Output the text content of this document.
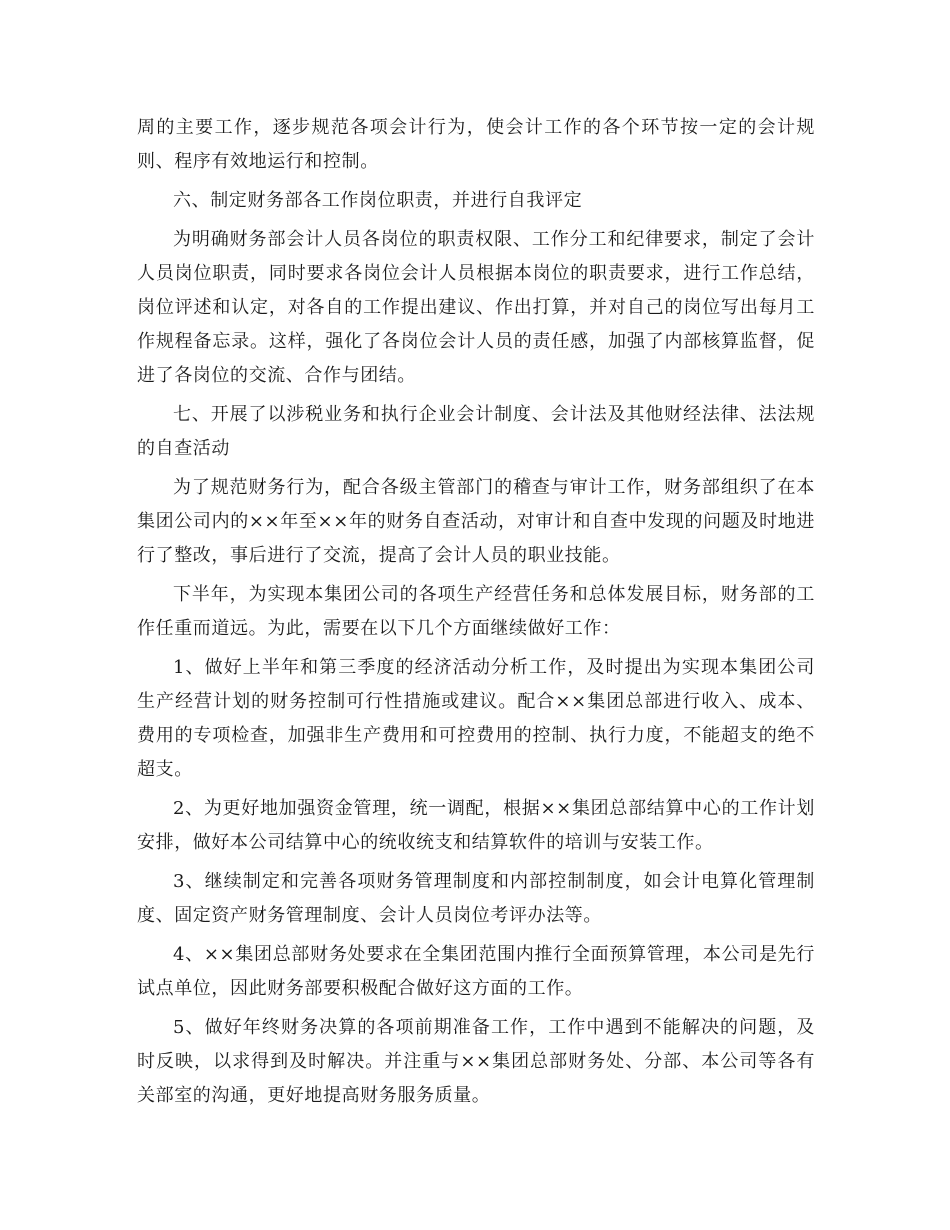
周的主要工作，逐步规范各项会计行为，使会计工作的各个环节按一定的会计规则、程序有效地运行和控制。

六、制定财务部各工作岗位职责，并进行自我评定

为明确财务部会计人员各岗位的职责权限、工作分工和纪律要求，制定了会计人员岗位职责，同时要求各岗位会计人员根据本岗位的职责要求，进行工作总结，岗位评述和认定，对各自的工作提出建议、作出打算，并对自己的岗位写出每月工作规程备忘录。这样，强化了各岗位会计人员的责任感，加强了内部核算监督，促进了各岗位的交流、合作与团结。

七、开展了以涉税业务和执行企业会计制度、会计法及其他财经法律、法法规的自查活动

为了规范财务行为，配合各级主管部门的稽查与审计工作，财务部组织了在本集团公司内的××年至××年的财务自查活动，对审计和自查中发现的问题及时地进行了整改，事后进行了交流，提高了会计人员的职业技能。

下半年，为实现本集团公司的各项生产经营任务和总体发展目标，财务部的工作任重而道远。为此，需要在以下几个方面继续做好工作：

1、做好上半年和第三季度的经济活动分析工作，及时提出为实现本集团公司生产经营计划的财务控制可行性措施或建议。配合××集团总部进行收入、成本、费用的专项检查，加强非生产费用和可控费用的控制、执行力度，不能超支的绝不超支。

2、为更好地加强资金管理，统一调配，根据××集团总部结算中心的工作计划安排，做好本公司结算中心的统收统支和结算软件的培训与安装工作。

3、继续制定和完善各项财务管理制度和内部控制制度，如会计电算化管理制度、固定资产财务管理制度、会计人员岗位考评办法等。

4、××集团总部财务处要求在全集团范围内推行全面预算管理，本公司是先行试点单位，因此财务部要积极配合做好这方面的工作。

5、做好年终财务决算的各项前期准备工作，工作中遇到不能解决的问题，及时反映，以求得到及时解决。并注重与××集团总部财务处、分部、本公司等各有关部室的沟通，更好地提高财务服务质量。
